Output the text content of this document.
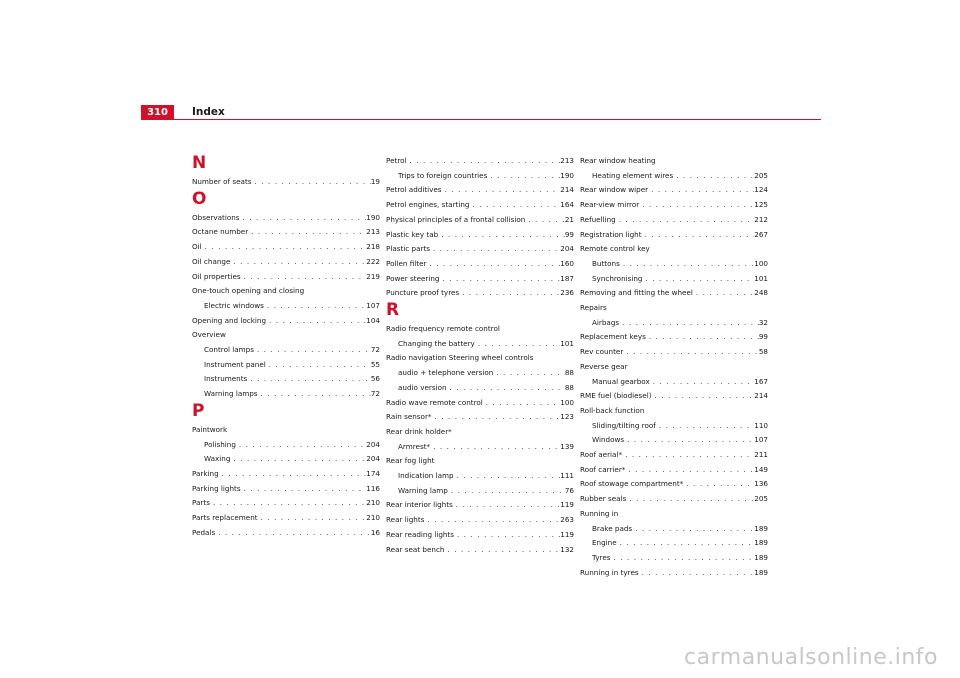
310	Index
N
Number of seats . . .	19
O
Observations . . .	190
Octane number . . .	213
Oil . . .	218
Oil change . . .	222
Oil properties . . .	219
One-touch opening and closing
Electric windows . . .	107
Opening and locking . . .	104
Overview
Control lamps . . .	72
Instrument panel . . .	55
Instruments . . .	56
Warning lamps . . .	72
P
Paintwork
Polishing . . .	204
Waxing . . .	204
Parking . . .	174
Parking lights . . .	116
Parts . . .	210
Parts replacement . . .	210
Pedals . . .	16
Petrol . . .	213
Trips to foreign countries . . .	190
Petrol additives . . .	214
Petrol engines, starting . . .	164
Physical principles of a frontal collision . . .	21
Plastic key tab . . .	99
Plastic parts . . .	204
Pollen filter . . .	160
Power steering . . .	187
Puncture proof tyres . . .	236
R
Radio frequency remote control
Changing the battery . . .	101
Radio navigation Steering wheel controls
audio + telephone version . . .	88
audio version . . .	88
Radio wave remote control . . .	100
Rain sensor* . . .	123
Rear drink holder*
Armrest* . . .	139
Rear fog light
Indication lamp . . .	111
Warning lamp . . .	76
Rear interior lights . . .	119
Rear lights . . .	263
Rear reading lights . . .	119
Rear seat bench . . .	132
Rear window heating
Heating element wires . . .	205
Rear window wiper . . .	124
Rear-view mirror . . .	125
Refuelling . . .	212
Registration light . . .	267
Remote control key
Buttons . . .	100
Synchronising . . .	101
Removing and fitting the wheel . . .	248
Repairs
Airbags . . .	32
Replacement keys . . .	99
Rev counter . . .	58
Reverse gear
Manual gearbox . . .	167
RME fuel (biodiesel) . . .	214
Roll-back function
Sliding/tilting roof . . .	110
Windows . . .	107
Roof aerial* . . .	211
Roof carrier* . . .	149
Roof stowage compartment* . . .	136
Rubber seals . . .	205
Running in
Brake pads . . .	189
Engine . . .	189
Tyres . . .	189
Running in tyres . . .	189
carmanualsonline.info
